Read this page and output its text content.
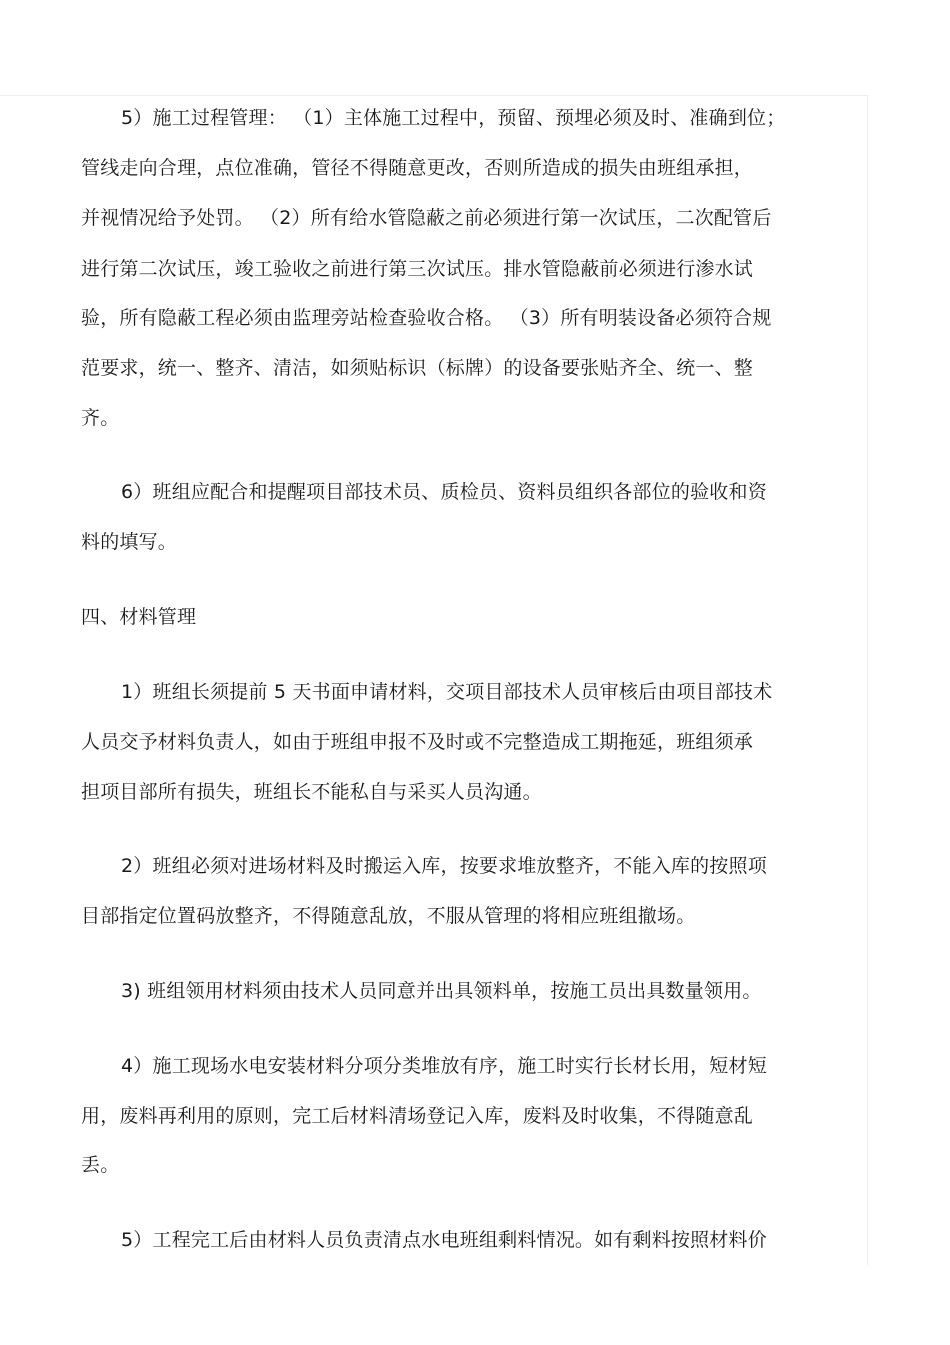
5）施工过程管理： （1）主体施工过程中，预留、预埋必须及时、准确到位；
管线走向合理，点位准确，管径不得随意更改，否则所造成的损失由班组承担，
并视情况给予处罚。 （2）所有给水管隐蔽之前必须进行第一次试压，二次配管后
进行第二次试压，竣工验收之前进行第三次试压。排水管隐蔽前必须进行渗水试
验，所有隐蔽工程必须由监理旁站检查验收合格。 （3）所有明装设备必须符合规
范要求，统一、整齐、清洁，如须贴标识（标牌）的设备要张贴齐全、统一、整
齐。
6）班组应配合和提醒项目部技术员、质检员、资料员组织各部位的验收和资
料的填写。
四、材料管理
1）班组长须提前 5 天书面申请材料，交项目部技术人员审核后由项目部技术
人员交予材料负责人，如由于班组申报不及时或不完整造成工期拖延，班组须承
担项目部所有损失，班组长不能私自与采买人员沟通。
2）班组必须对进场材料及时搬运入库，按要求堆放整齐，不能入库的按照项
目部指定位置码放整齐，不得随意乱放，不服从管理的将相应班组撤场。
3) 班组领用材料须由技术人员同意并出具领料单，按施工员出具数量领用。
4）施工现场水电安装材料分项分类堆放有序，施工时实行长材长用，短材短
用，废料再利用的原则，完工后材料清场登记入库，废料及时收集，不得随意乱
丢。
5）工程完工后由材料人员负责清点水电班组剩料情况。如有剩料按照材料价
